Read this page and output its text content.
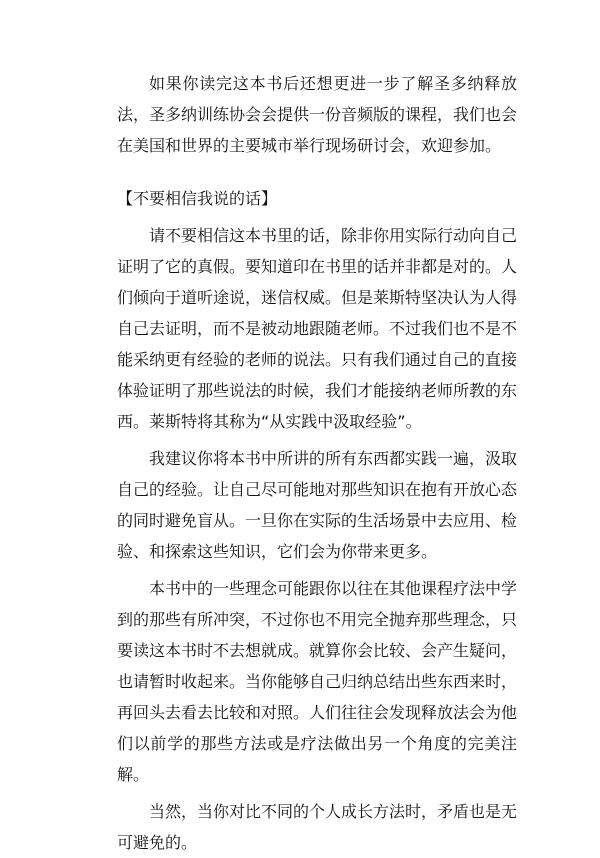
如果你读完这本书后还想更进一步了解圣多纳释放法，圣多纳训练协会会提供一份音频版的课程，我们也会在美国和世界的主要城市举行现场研讨会，欢迎参加。

【不要相信我说的话】

请不要相信这本书里的话，除非你用实际行动向自己证明了它的真假。要知道印在书里的话并非都是对的。人们倾向于道听途说，迷信权威。但是莱斯特坚决认为人得自己去证明，而不是被动地跟随老师。不过我们也不是不能采纳更有经验的老师的说法。只有我们通过自己的直接体验证明了那些说法的时候，我们才能接纳老师所教的东西。莱斯特将其称为“从实践中汲取经验”。

我建议你将本书中所讲的所有东西都实践一遍，汲取自己的经验。让自己尽可能地对那些知识在抱有开放心态的同时避免盲从。一旦你在实际的生活场景中去应用、检验、和探索这些知识，它们会为你带来更多。

本书中的一些理念可能跟你以往在其他课程疗法中学到的那些有所冲突，不过你也不用完全抛弃那些理念，只要读这本书时不去想就成。就算你会比较、会产生疑问，也请暂时收起来。当你能够自己归纳总结出些东西来时，再回头去看去比较和对照。人们往往会发现释放法会为他们以前学的那些方法或是疗法做出另一个角度的完美注解。

当然，当你对比不同的个人成长方法时，矛盾也是无可避免的。
